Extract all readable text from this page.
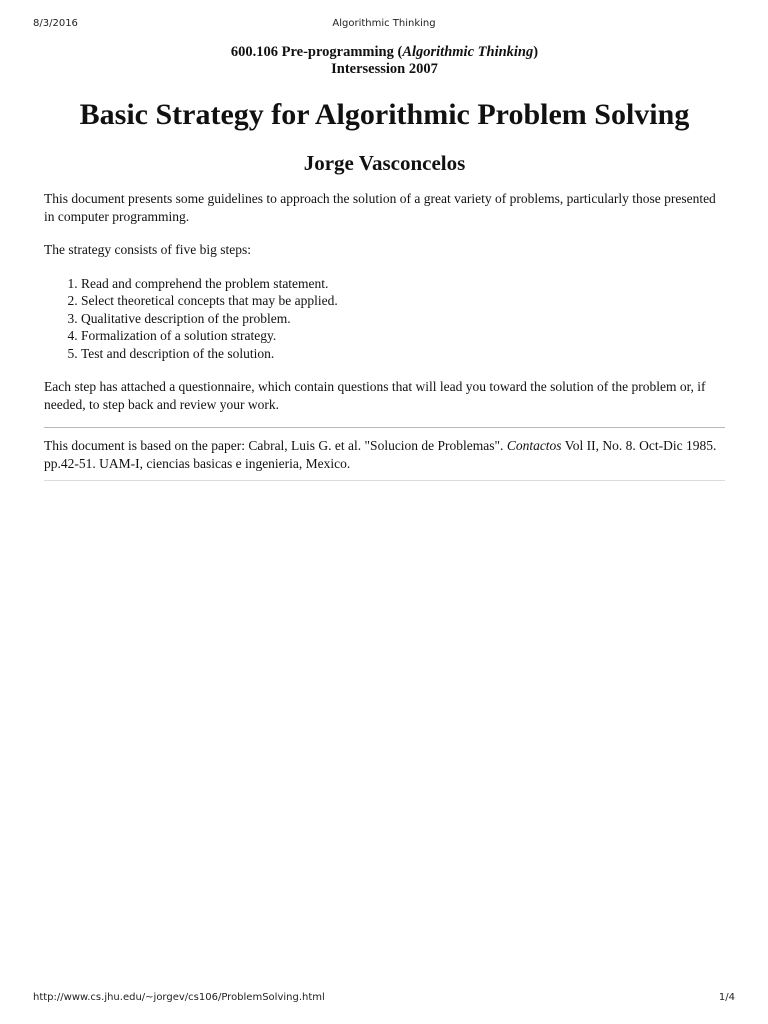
8/3/2016	Algorithmic Thinking
600.106 Pre-programming (Algorithmic Thinking)
Intersession 2007
Basic Strategy for Algorithmic Problem Solving
Jorge Vasconcelos

This document presents some guidelines to approach the solution of a great variety of problems, particularly those presented in computer programming.

The strategy consists of five big steps:

1. Read and comprehend the problem statement.
2. Select theoretical concepts that may be applied.
3. Qualitative description of the problem.
4. Formalization of a solution strategy.
5. Test and description of the solution.

Each step has attached a questionnaire, which contain questions that will lead you toward the solution of the problem or, if needed, to step back and review your work.

This document is based on the paper: Cabral, Luis G. et al. "Solucion de Problemas". Contactos Vol II, No. 8. Oct-Dic 1985. pp.42-51. UAM-I, ciencias basicas e ingenieria, Mexico.

http://www.cs.jhu.edu/~jorgev/cs106/ProblemSolving.html	1/4
